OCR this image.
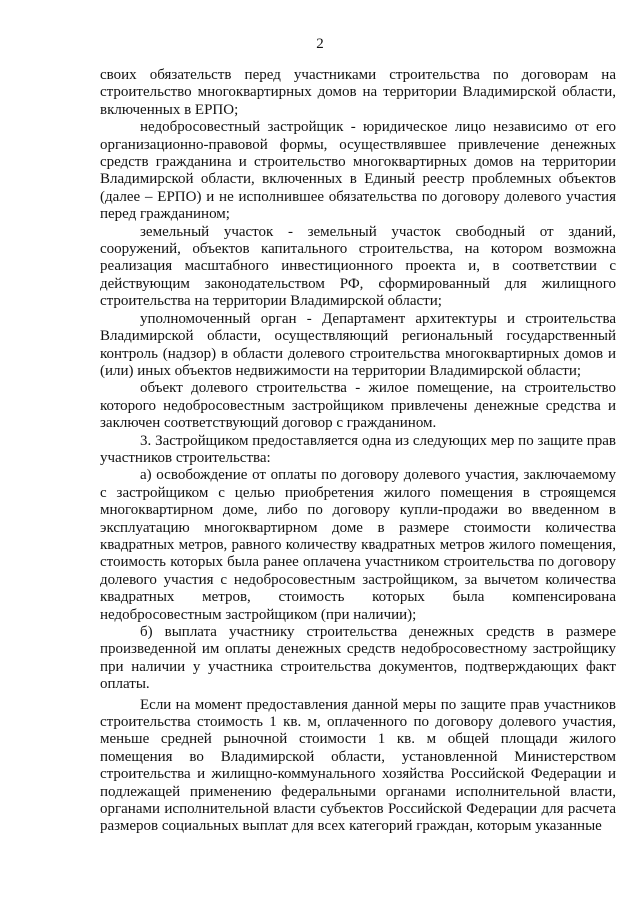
2

своих обязательств перед участниками строительства по договорам на строительство многоквартирных домов на территории Владимирской области, включенных в ЕРПО;

недобросовестный застройщик - юридическое лицо независимо от его организационно-правовой формы, осуществлявшее привлечение денежных средств гражданина и строительство многоквартирных домов на территории Владимирской области, включенных в Единый реестр проблемных объектов (далее – ЕРПО) и не исполнившее обязательства по договору долевого участия перед гражданином;

земельный участок - земельный участок свободный от зданий, сооружений, объектов капитального строительства, на котором возможна реализация масштабного инвестиционного проекта и, в соответствии с действующим законодательством РФ, сформированный для жилищного строительства на территории Владимирской области;

уполномоченный орган - Департамент архитектуры и строительства Владимирской области, осуществляющий региональный государственный контроль (надзор) в области долевого строительства многоквартирных домов и (или) иных объектов недвижимости на территории Владимирской области;

объект долевого строительства - жилое помещение, на строительство которого недобросовестным застройщиком привлечены денежные средства и заключен соответствующий договор с гражданином.

3. Застройщиком предоставляется одна из следующих мер по защите прав участников строительства:

а) освобождение от оплаты по договору долевого участия, заключаемому с застройщиком с целью приобретения жилого помещения в строящемся многоквартирном доме, либо по договору купли-продажи во введенном в эксплуатацию многоквартирном доме в размере стоимости количества квадратных метров, равного количеству квадратных метров жилого помещения, стоимость которых была ранее оплачена участником строительства по договору долевого участия с недобросовестным застройщиком, за вычетом количества квадратных метров, стоимость которых была компенсирована недобросовестным застройщиком (при наличии);

б) выплата участнику строительства денежных средств в размере произведенной им оплаты денежных средств недобросовестному застройщику при наличии у участника строительства документов, подтверждающих факт оплаты.

Если на момент предоставления данной меры по защите прав участников строительства стоимость 1 кв. м, оплаченного по договору долевого участия, меньше средней рыночной стоимости 1 кв. м общей площади жилого помещения во Владимирской области, установленной Министерством строительства и жилищно-коммунального хозяйства Российской Федерации и подлежащей применению федеральными органами исполнительной власти, органами исполнительной власти субъектов Российской Федерации для расчета размеров социальных выплат для всех категорий граждан, которым указанные
